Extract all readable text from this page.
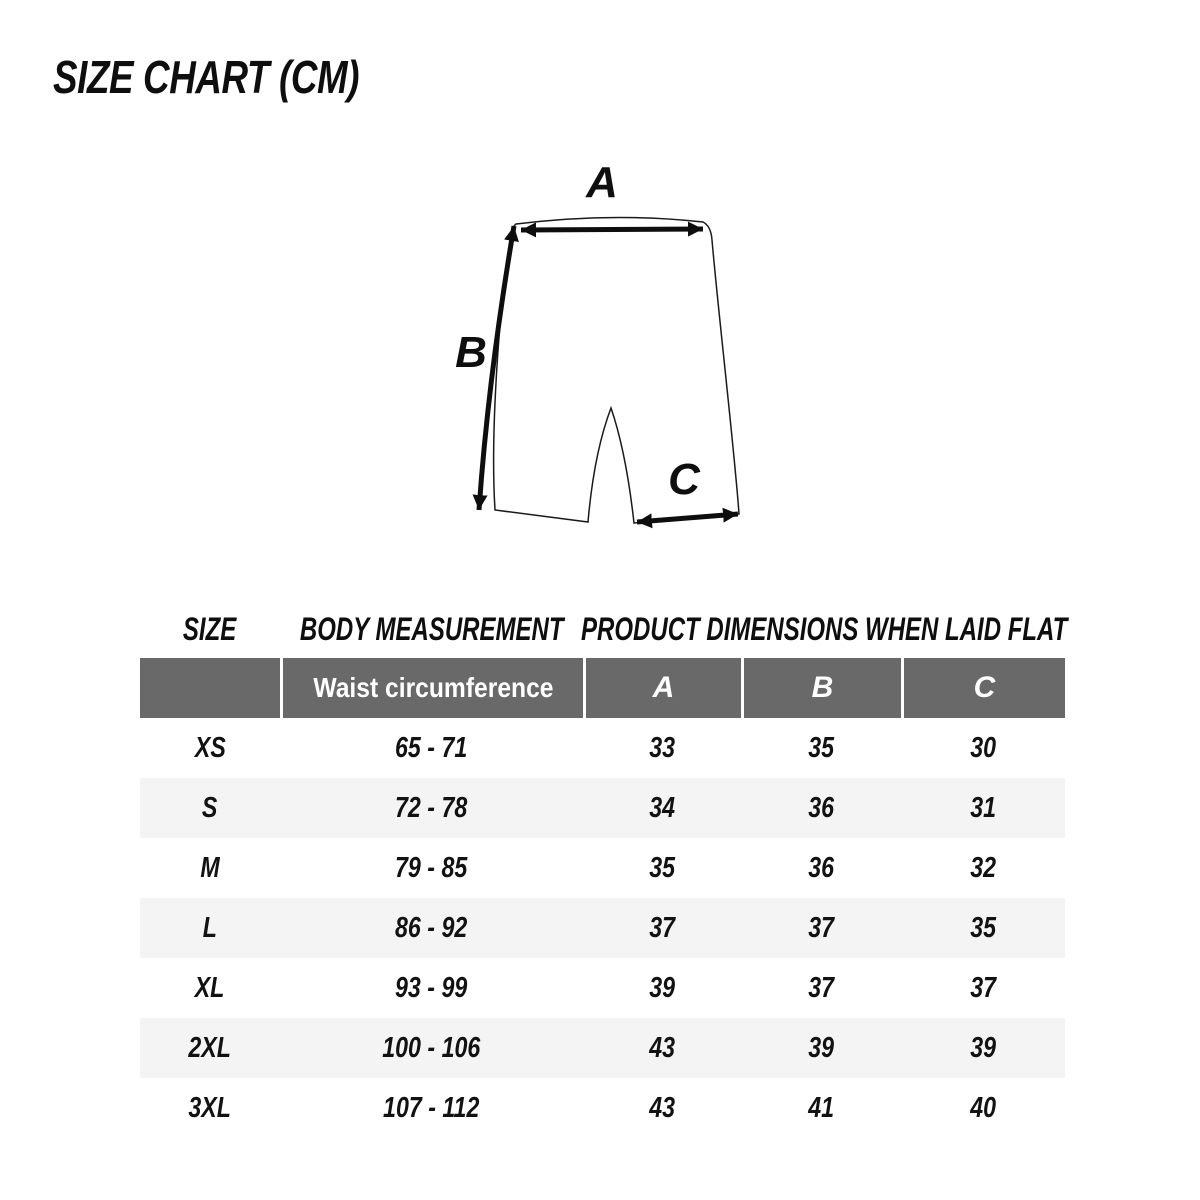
SIZE CHART (CM)
A
B
C
SIZE BODY MEASUREMENT PRODUCT DIMENSIONS WHEN LAID FLAT
Waist circumference	A	B	C
XS	65 - 71	33	35	30
S	72 - 78	34	36	31
M	79 - 85	35	36	32
L	86 - 92	37	37	35
XL	93 - 99	39	37	37
2XL	100 - 106	43	39	39
3XL	107 - 112	43	41	40
